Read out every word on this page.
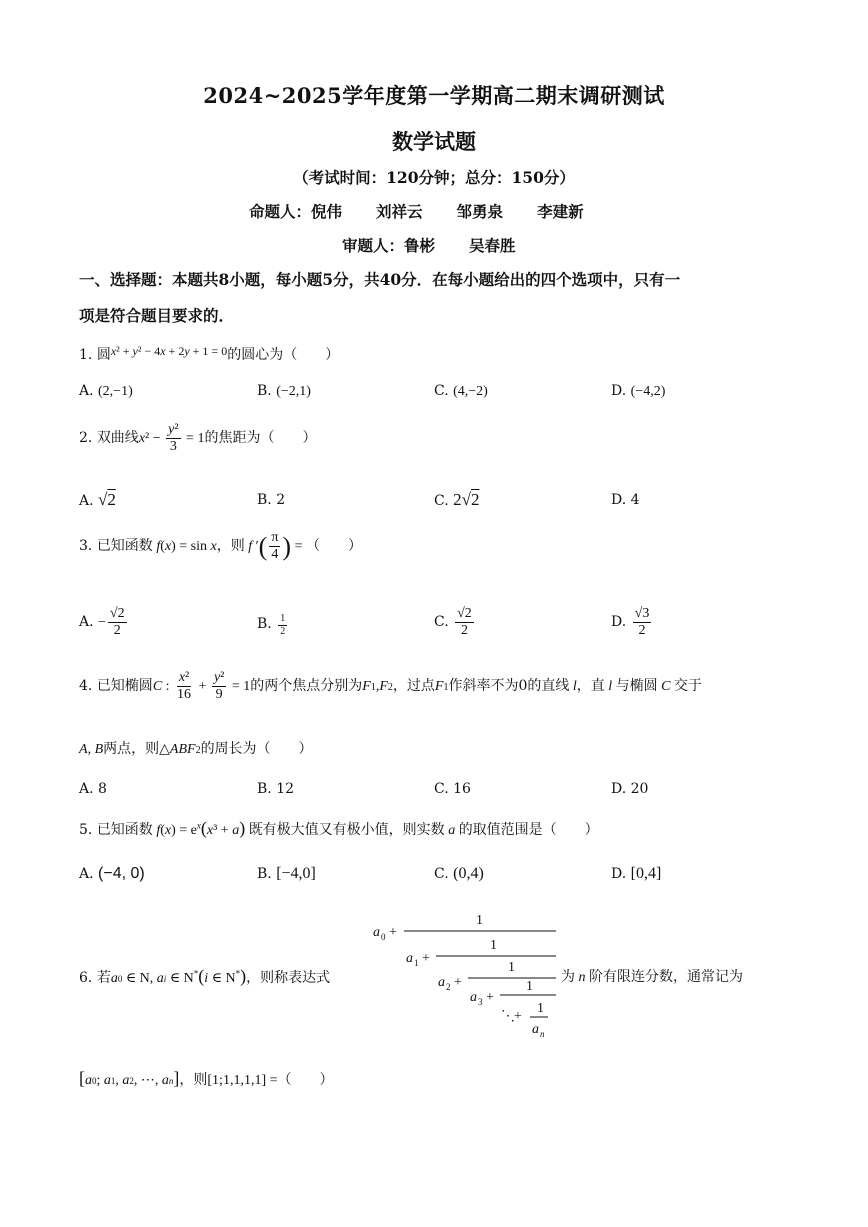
2024~2025学年度第一学期高二期末调研测试
数学试题
（考试时间：120分钟；总分：150分）
命题人：倪伟 刘祥云 邹勇泉 李建新
审题人：鲁彬 吴春胜
一、选择题：本题共8小题，每小题5分，共40分．在每小题给出的四个选项中，只有一
项是符合题目要求的．
1. 圆x² + y² − 4x + 2y + 1 = 0的圆心为（　　）
A. (2,−1)	B. (−2,1)	C. (4,−2)	D. (−4,2)
2. 双曲线$x^2 - \frac{\text{y²}}{3} = 1$的焦距为（　　）
A. √2	B. 2	C. 2√2	D. 4
3. 已知函数 f(x) = sin x，则 f ′( $\frac{\pi}{4}$ ) = （　　）
A. − $\frac{√2}{2}$	B. $\frac{1}{2}$	C. $\frac{√2}{2}$	D. $\frac{√3}{2}$
4. 已知椭圆C : $\frac{\text{x²}}{16} + \frac{\text{y²}}{9} = 1$的两个焦点分别为F1,F2，过点F1作斜率不为0的直线 l，直 l 与椭圆 C 交于
A, B两点，则△ABF2的周长为（　　）
A. 8	B. 12	C. 16	D. 20
5. 已知函数 $f(x) = e^x(x^3 + a)$ 既有极大值又有极小值，则实数 a 的取值范围是（　　）
A. (−4, 0)	B. [−4,0]	C. (0,4)	D. [0,4]
6. 若a0 ∈ N, ai ∈ N*(i ∈ N*)，则称表达式
a 0 +
1
a 1 +
1
a 2 +
1
a 3 +
1
⋱ +
1
a n
为 n 阶有限连分数，通常记为
[a0; a1, a2, ⋯, an]，则[1;1,1,1,1] =（　　）
